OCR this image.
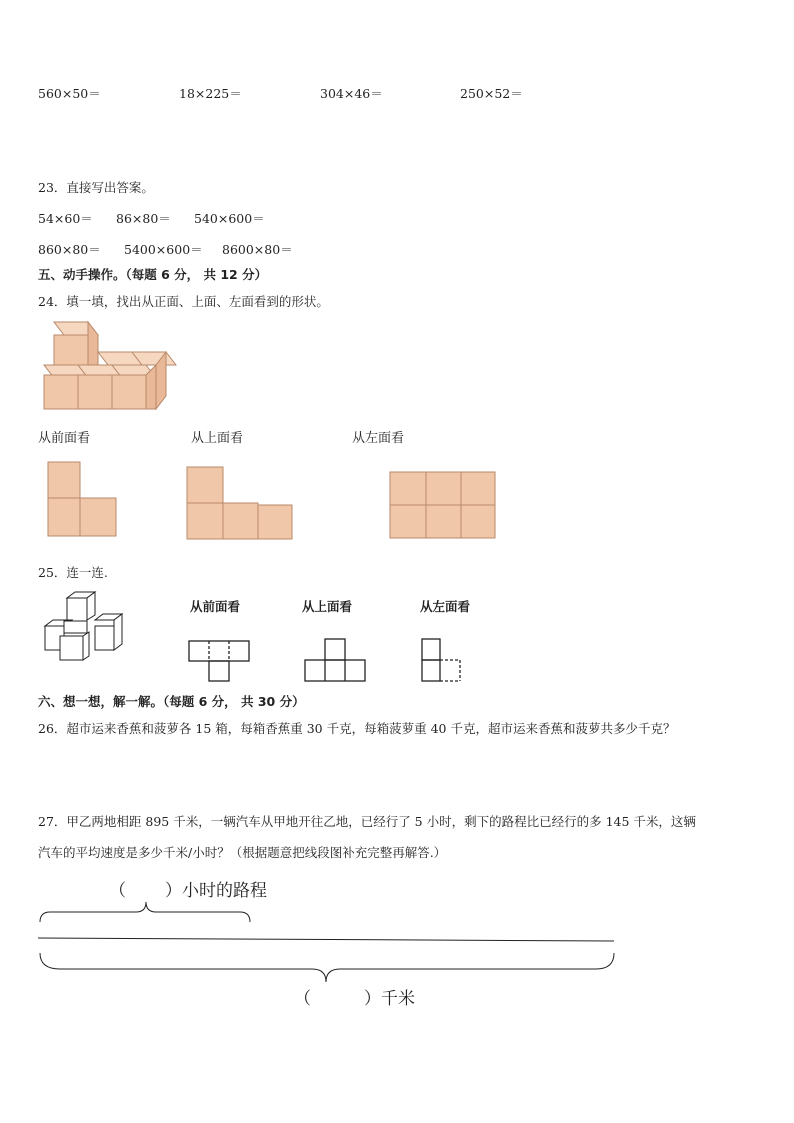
560×50＝	18×225＝	304×46＝	250×52＝
23．直接写出答案。
54×60＝ 86×80＝ 540×600＝
860×80＝ 5400×600＝ 8600×80＝
五、动手操作。（每题 6 分， 共 12 分）
24．填一填，找出从正面、上面、左面看到的形状。
从前面看	从上面看	从左面看
25．连一连.
从前面看	从上面看	从左面看
六、想一想，解一解。（每题 6 分， 共 30 分）
26．超市运来香蕉和菠萝各 15 箱，每箱香蕉重 30 千克，每箱菠萝重 40 千克，超市运来香蕉和菠萝共多少千克？
27．甲乙两地相距 895 千米，一辆汽车从甲地开往乙地，已经行了 5 小时，剩下的路程比已经行的多 145 千米，这辆
汽车的平均速度是多少千米/小时？（根据题意把线段图补充完整再解答.）
（ ）小时的路程
（	）千米
